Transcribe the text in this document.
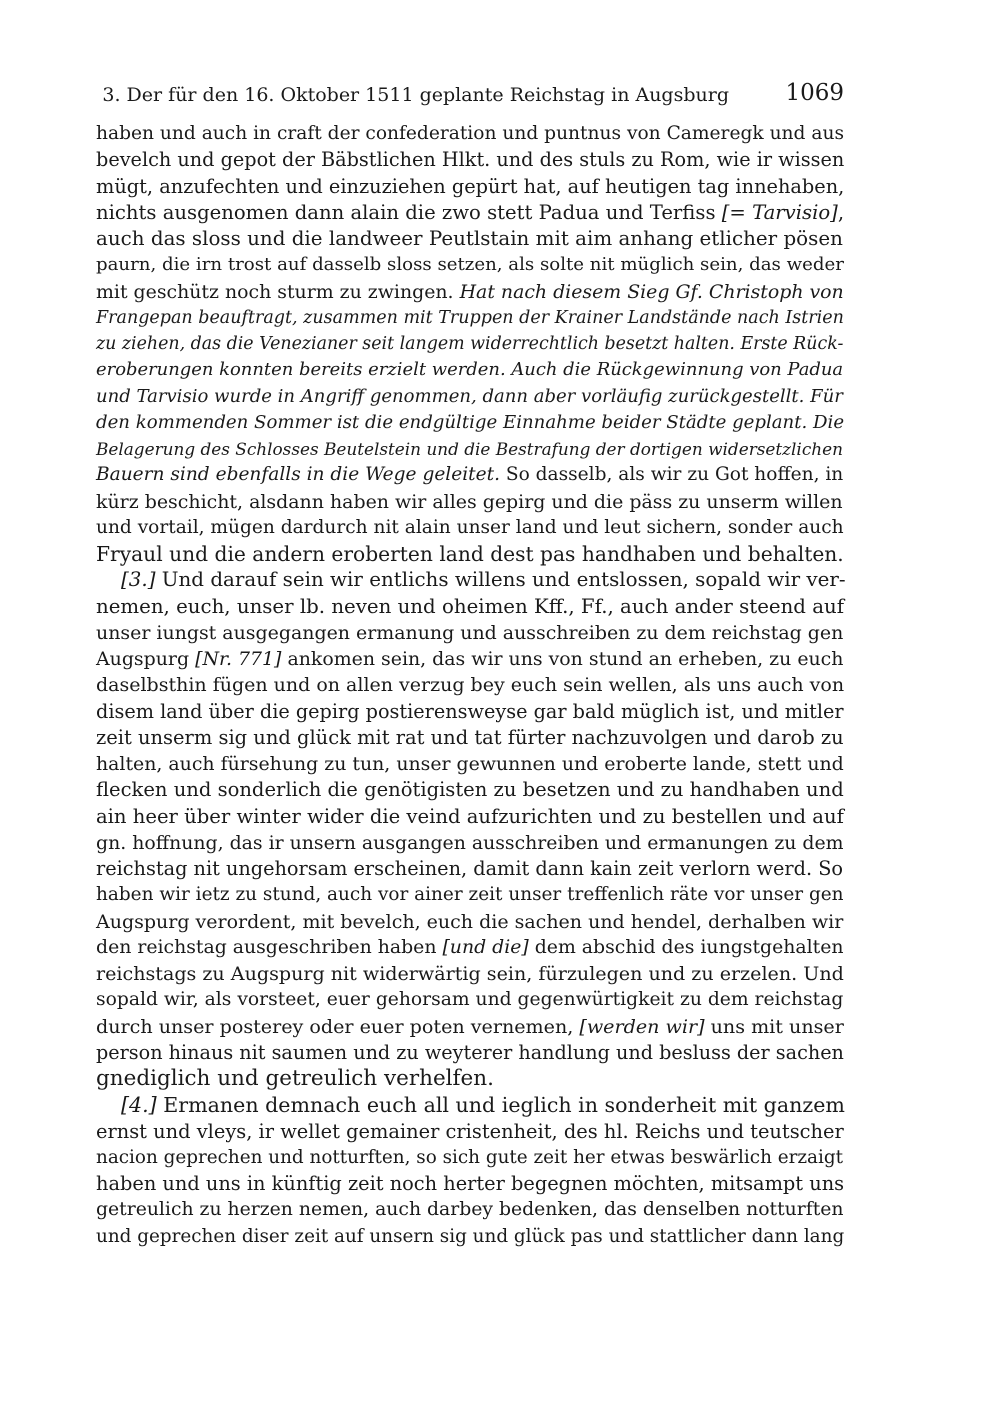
3. Der für den 16. Oktober 1511 geplante Reichstag in Augsburg 1069
haben und auch in craft der confederation und puntnus von Cameregk und aus
bevelch und gepot der Bäbstlichen Hlkt. und des stuls zu Rom, wie ir wissen
mügt, anzufechten und einzuziehen gepürt hat, auf heutigen tag innehaben,
nichts ausgenomen dann alain die zwo stett Padua und Terfiss [= Tarvisio],
auch das sloss und die landweer Peutlstain mit aim anhang etlicher pösen
paurn, die irn trost auf dasselb sloss setzen, als solte nit müglich sein, das weder
mit geschütz noch sturm zu zwingen. Hat nach diesem Sieg Gf. Christoph von
Frangepan beauftragt, zusammen mit Truppen der Krainer Landstände nach Istrien
zu ziehen, das die Venezianer seit langem widerrechtlich besetzt halten. Erste Rück-
eroberungen konnten bereits erzielt werden. Auch die Rückgewinnung von Padua
und Tarvisio wurde in Angriff genommen, dann aber vorläufig zurückgestellt. Für
den kommenden Sommer ist die endgültige Einnahme beider Städte geplant. Die
Belagerung des Schlosses Beutelstein und die Bestrafung der dortigen widersetzlichen
Bauern sind ebenfalls in die Wege geleitet. So dasselb, als wir zu Got hoffen, in
kürz beschicht, alsdann haben wir alles gepirg und die päss zu unserm willen
und vortail, mügen dardurch nit alain unser land und leut sichern, sonder auch
Fryaul und die andern eroberten land dest pas handhaben und behalten.
[3.] Und darauf sein wir entlichs willens und entslossen, sopald wir ver-
nemen, euch, unser lb. neven und oheimen Kff., Ff., auch ander steend auf
unser iungst ausgegangen ermanung und ausschreiben zu dem reichstag gen
Augspurg [Nr. 771] ankomen sein, das wir uns von stund an erheben, zu euch
daselbsthin fügen und on allen verzug bey euch sein wellen, als uns auch von
disem land über die gepirg postierensweyse gar bald müglich ist, und mitler
zeit unserm sig und glück mit rat und tat fürter nachzuvolgen und darob zu
halten, auch fürsehung zu tun, unser gewunnen und eroberte lande, stett und
flecken und sonderlich die genötigisten zu besetzen und zu handhaben und
ain heer über winter wider die veind aufzurichten und zu bestellen und auf
gn. hoffnung, das ir unsern ausgangen ausschreiben und ermanungen zu dem
reichstag nit ungehorsam erscheinen, damit dann kain zeit verlorn werd. So
haben wir ietz zu stund, auch vor ainer zeit unser treffenlich räte vor unser gen
Augspurg verordent, mit bevelch, euch die sachen und hendel, derhalben wir
den reichstag ausgeschriben haben [und die] dem abschid des iungstgehalten
reichstags zu Augspurg nit widerwärtig sein, fürzulegen und zu erzelen. Und
sopald wir, als vorsteet, euer gehorsam und gegenwürtigkeit zu dem reichstag
durch unser posterey oder euer poten vernemen, [werden wir] uns mit unser
person hinaus nit saumen und zu weyterer handlung und besluss der sachen
gnediglich und getreulich verhelfen.
[4.] Ermanen demnach euch all und ieglich in sonderheit mit ganzem
ernst und vleys, ir wellet gemainer cristenheit, des hl. Reichs und teutscher
nacion geprechen und notturften, so sich gute zeit her etwas beswärlich erzaigt
haben und uns in künftig zeit noch herter begegnen möchten, mitsampt uns
getreulich zu herzen nemen, auch darbey bedenken, das denselben notturften
und geprechen diser zeit auf unsern sig und glück pas und stattlicher dann lang
